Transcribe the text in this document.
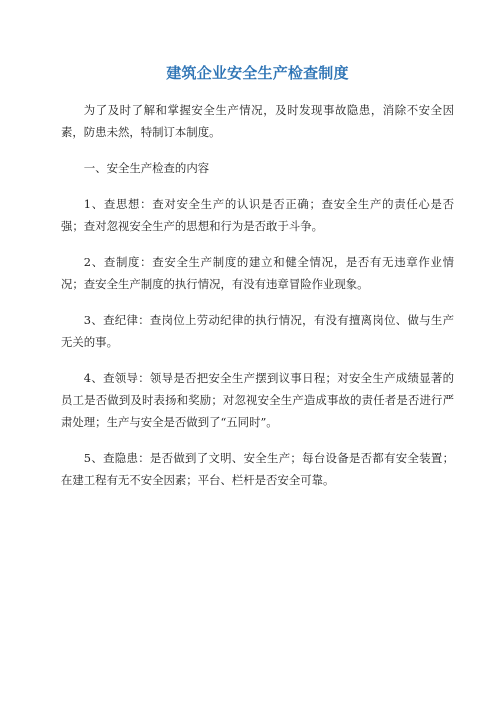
建筑企业安全生产检查制度

为了及时了解和掌握安全生产情况，及时发现事故隐患，消除不安全因素，防患未然，特制订本制度。

一、安全生产检查的内容

1、查思想：查对安全生产的认识是否正确；查安全生产的责任心是否强；查对忽视安全生产的思想和行为是否敢于斗争。

2、查制度：查安全生产制度的建立和健全情况，是否有无违章作业情况；查安全生产制度的执行情况，有没有违章冒险作业现象。

3、查纪律：查岗位上劳动纪律的执行情况，有没有擅离岗位、做与生产无关的事。

4、查领导：领导是否把安全生产摆到议事日程；对安全生产成绩显著的员工是否做到及时表扬和奖励；对忽视安全生产造成事故的责任者是否进行严肃处理；生产与安全是否做到了“五同时”。

5、查隐患：是否做到了文明、安全生产；每台设备是否都有安全装置；在建工程有无不安全因素；平台、栏杆是否安全可靠。
